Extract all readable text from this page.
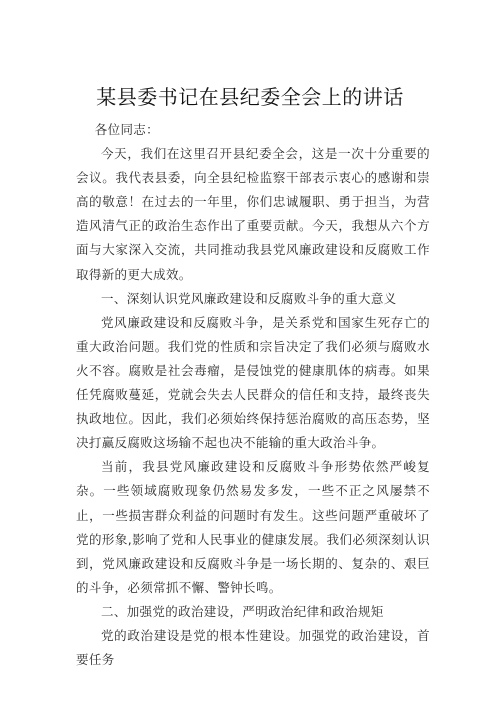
某县委书记在县纪委全会上的讲话

各位同志：

今天，我们在这里召开县纪委全会，这是一次十分重要的会议。我代表县委，向全县纪检监察干部表示衷心的感谢和崇高的敬意！在过去的一年里，你们忠诚履职、勇于担当，为营造风清气正的政治生态作出了重要贡献。今天，我想从六个方面与大家深入交流，共同推动我县党风廉政建设和反腐败工作取得新的更大成效。

一、深刻认识党风廉政建设和反腐败斗争的重大意义

党风廉政建设和反腐败斗争，是关系党和国家生死存亡的重大政治问题。我们党的性质和宗旨决定了我们必须与腐败水火不容。腐败是社会毒瘤，是侵蚀党的健康肌体的病毒。如果任凭腐败蔓延，党就会失去人民群众的信任和支持，最终丧失执政地位。因此，我们必须始终保持惩治腐败的高压态势，坚决打赢反腐败这场输不起也决不能输的重大政治斗争。

当前，我县党风廉政建设和反腐败斗争形势依然严峻复杂。一些领域腐败现象仍然易发多发，一些不正之风屡禁不止，一些损害群众利益的问题时有发生。这些问题严重破坏了党的形象,影响了党和人民事业的健康发展。我们必须深刻认识到，党风廉政建设和反腐败斗争是一场长期的、复杂的、艰巨的斗争，必须常抓不懈、警钟长鸣。

二、加强党的政治建设，严明政治纪律和政治规矩

党的政治建设是党的根本性建设。加强党的政治建设，首要任务
